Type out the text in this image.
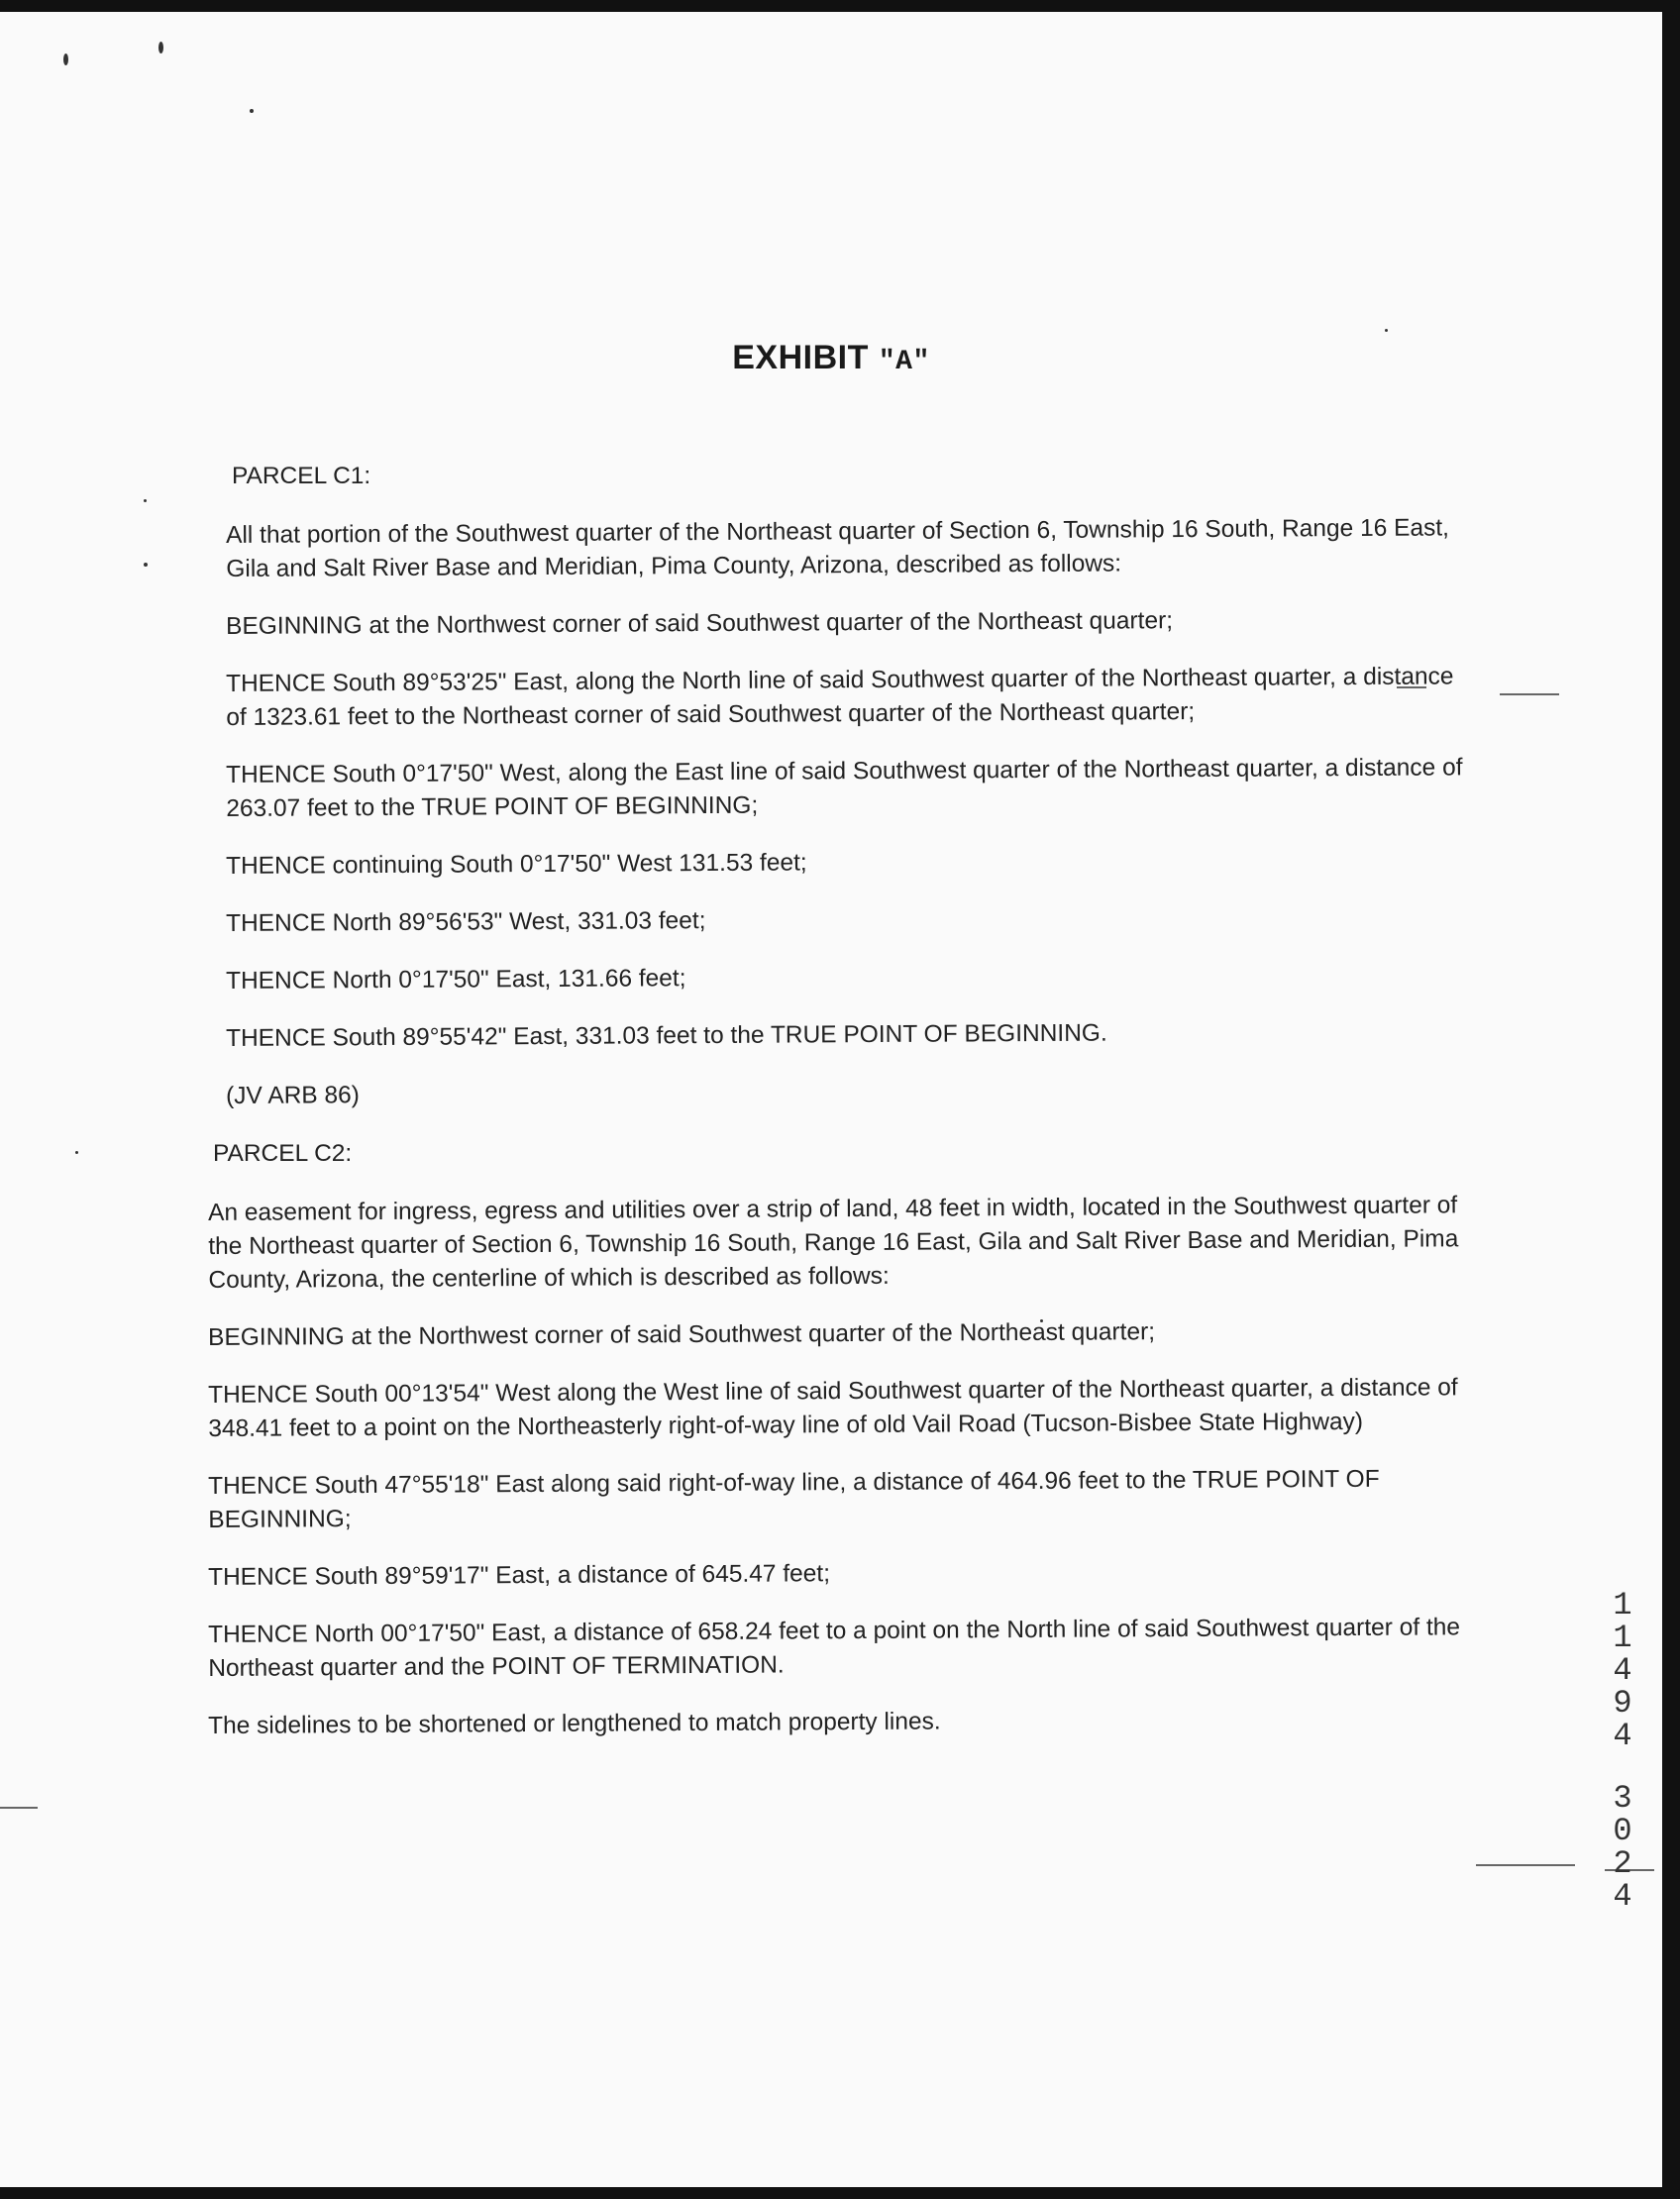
EXHIBIT "A"
PARCEL C1:
All that portion of the Southwest quarter of the Northeast quarter of Section 6, Township 16 South, Range 16 East, Gila and Salt River Base and Meridian, Pima County, Arizona, described as follows:
BEGINNING at the Northwest corner of said Southwest quarter of the Northeast quarter;
THENCE South 89°53'25" East, along the North line of said Southwest quarter of the Northeast quarter, a distance of 1323.61 feet to the Northeast corner of said Southwest quarter of the Northeast quarter;
THENCE South 0°17'50" West, along the East line of said Southwest quarter of the Northeast quarter, a distance of 263.07 feet to the TRUE POINT OF BEGINNING;
THENCE continuing South 0°17'50" West 131.53 feet;
THENCE North 89°56'53" West, 331.03 feet;
THENCE North 0°17'50" East, 131.66 feet;
THENCE South 89°55'42" East, 331.03 feet to the TRUE POINT OF BEGINNING.
(JV ARB 86)
PARCEL C2:
An easement for ingress, egress and utilities over a strip of land, 48 feet in width, located in the Southwest quarter of the Northeast quarter of Section 6, Township 16 South, Range 16 East, Gila and Salt River Base and Meridian, Pima County, Arizona, the centerline of which is described as follows:
BEGINNING at the Northwest corner of said Southwest quarter of the Northeast quarter;
THENCE South 00°13'54" West along the West line of said Southwest quarter of the Northeast quarter, a distance of 348.41 feet to a point on the Northeasterly right-of-way line of old Vail Road (Tucson-Bisbee State Highway)
THENCE South 47°55'18" East along said right-of-way line, a distance of 464.96 feet to the TRUE POINT OF BEGINNING;
THENCE South 89°59'17" East, a distance of 645.47 feet;
THENCE North 00°17'50" East, a distance of 658.24 feet to a point on the North line of said Southwest quarter of the Northeast quarter and the POINT OF TERMINATION.
The sidelines to be shortened or lengthened to match property lines.
1
1
4
9
4
3
0
2
4
